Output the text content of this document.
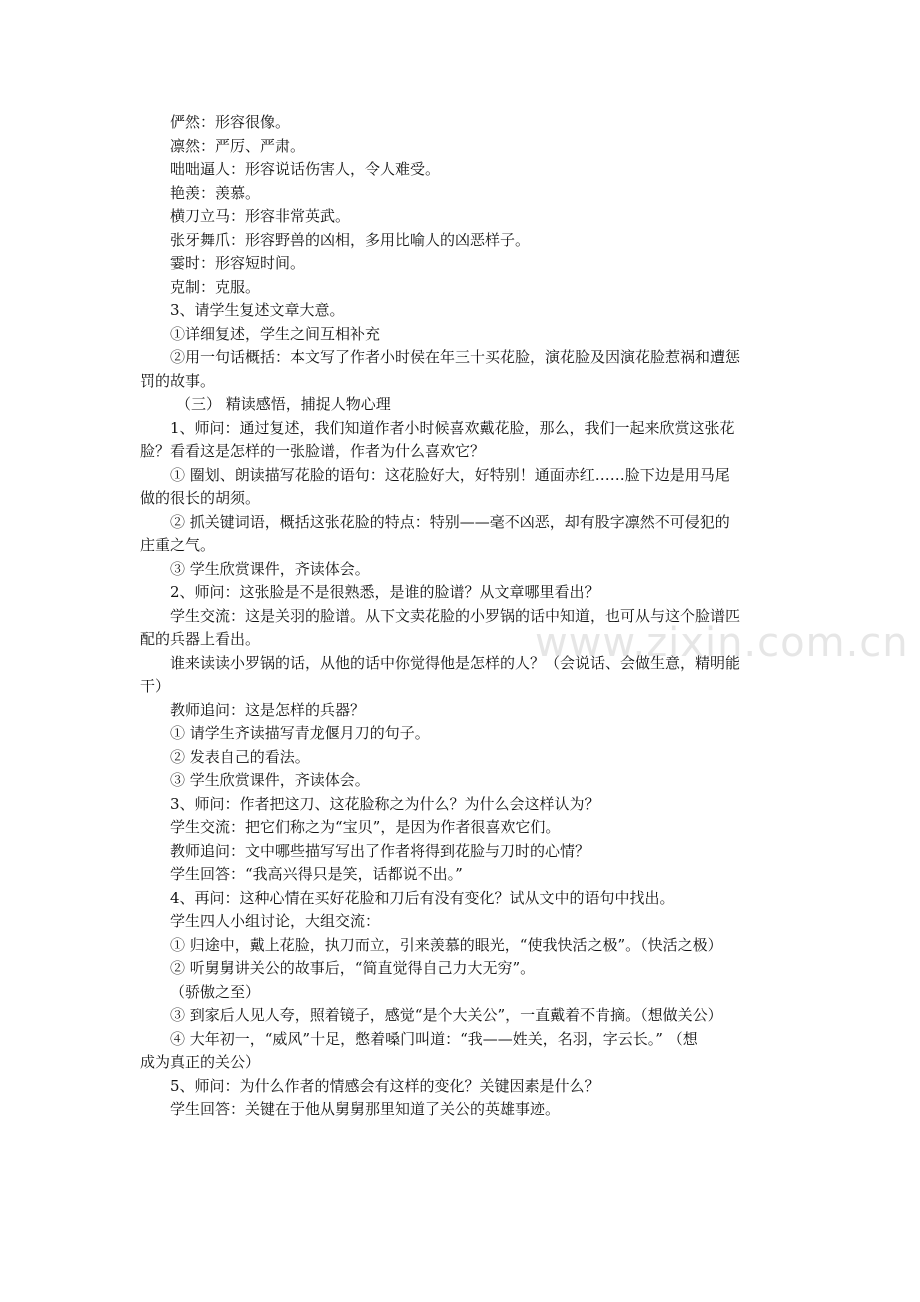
www.zixin.com.cn
俨然：形容很像。
凛然：严厉、严肃。
咄咄逼人：形容说话伤害人，令人难受。
艳羡：羡慕。
横刀立马：形容非常英武。
张牙舞爪：形容野兽的凶相，多用比喻人的凶恶样子。
霎时：形容短时间。
克制：克服。
3、请学生复述文章大意。
①详细复述，学生之间互相补充
②用一句话概括：本文写了作者小时侯在年三十买花脸，演花脸及因演花脸惹祸和遭惩
罚的故事。
（三） 精读感悟，捕捉人物心理
1、师问：通过复述，我们知道作者小时候喜欢戴花脸，那么，我们一起来欣赏这张花
脸？看看这是怎样的一张脸谱，作者为什么喜欢它？
① 圈划、朗读描写花脸的语句：这花脸好大，好特别！通面赤红……脸下边是用马尾
做的很长的胡须。
② 抓关键词语，概括这张花脸的特点：特别——毫不凶恶，却有股字凛然不可侵犯的
庄重之气。
③ 学生欣赏课件，齐读体会。
2、师问：这张脸是不是很熟悉，是谁的脸谱？从文章哪里看出？
学生交流：这是关羽的脸谱。从下文卖花脸的小罗锅的话中知道，也可从与这个脸谱匹
配的兵器上看出。
谁来读读小罗锅的话，从他的话中你觉得他是怎样的人？（会说话、会做生意，精明能
干）
教师追问：这是怎样的兵器？
① 请学生齐读描写青龙偃月刀的句子。
② 发表自己的看法。
③ 学生欣赏课件，齐读体会。
3、师问：作者把这刀、这花脸称之为什么？为什么会这样认为？
学生交流：把它们称之为“宝贝”，是因为作者很喜欢它们。
教师追问：文中哪些描写写出了作者将得到花脸与刀时的心情？
学生回答：“我高兴得只是笑，话都说不出。”
4、再问：这种心情在买好花脸和刀后有没有变化？试从文中的语句中找出。
学生四人小组讨论，大组交流：
① 归途中，戴上花脸，执刀而立，引来羡慕的眼光，“使我快活之极”。（快活之极）
② 听舅舅讲关公的故事后，“简直觉得自己力大无穷”。
（骄傲之至）
③ 到家后人见人夸，照着镜子，感觉“是个大关公”，一直戴着不肯摘。（想做关公）
④ 大年初一，“威风”十足，憋着嗓门叫道：“我——姓关，名羽，字云长。” （想
成为真正的关公）
5、师问：为什么作者的情感会有这样的变化？关键因素是什么？
学生回答：关键在于他从舅舅那里知道了关公的英雄事迹。
